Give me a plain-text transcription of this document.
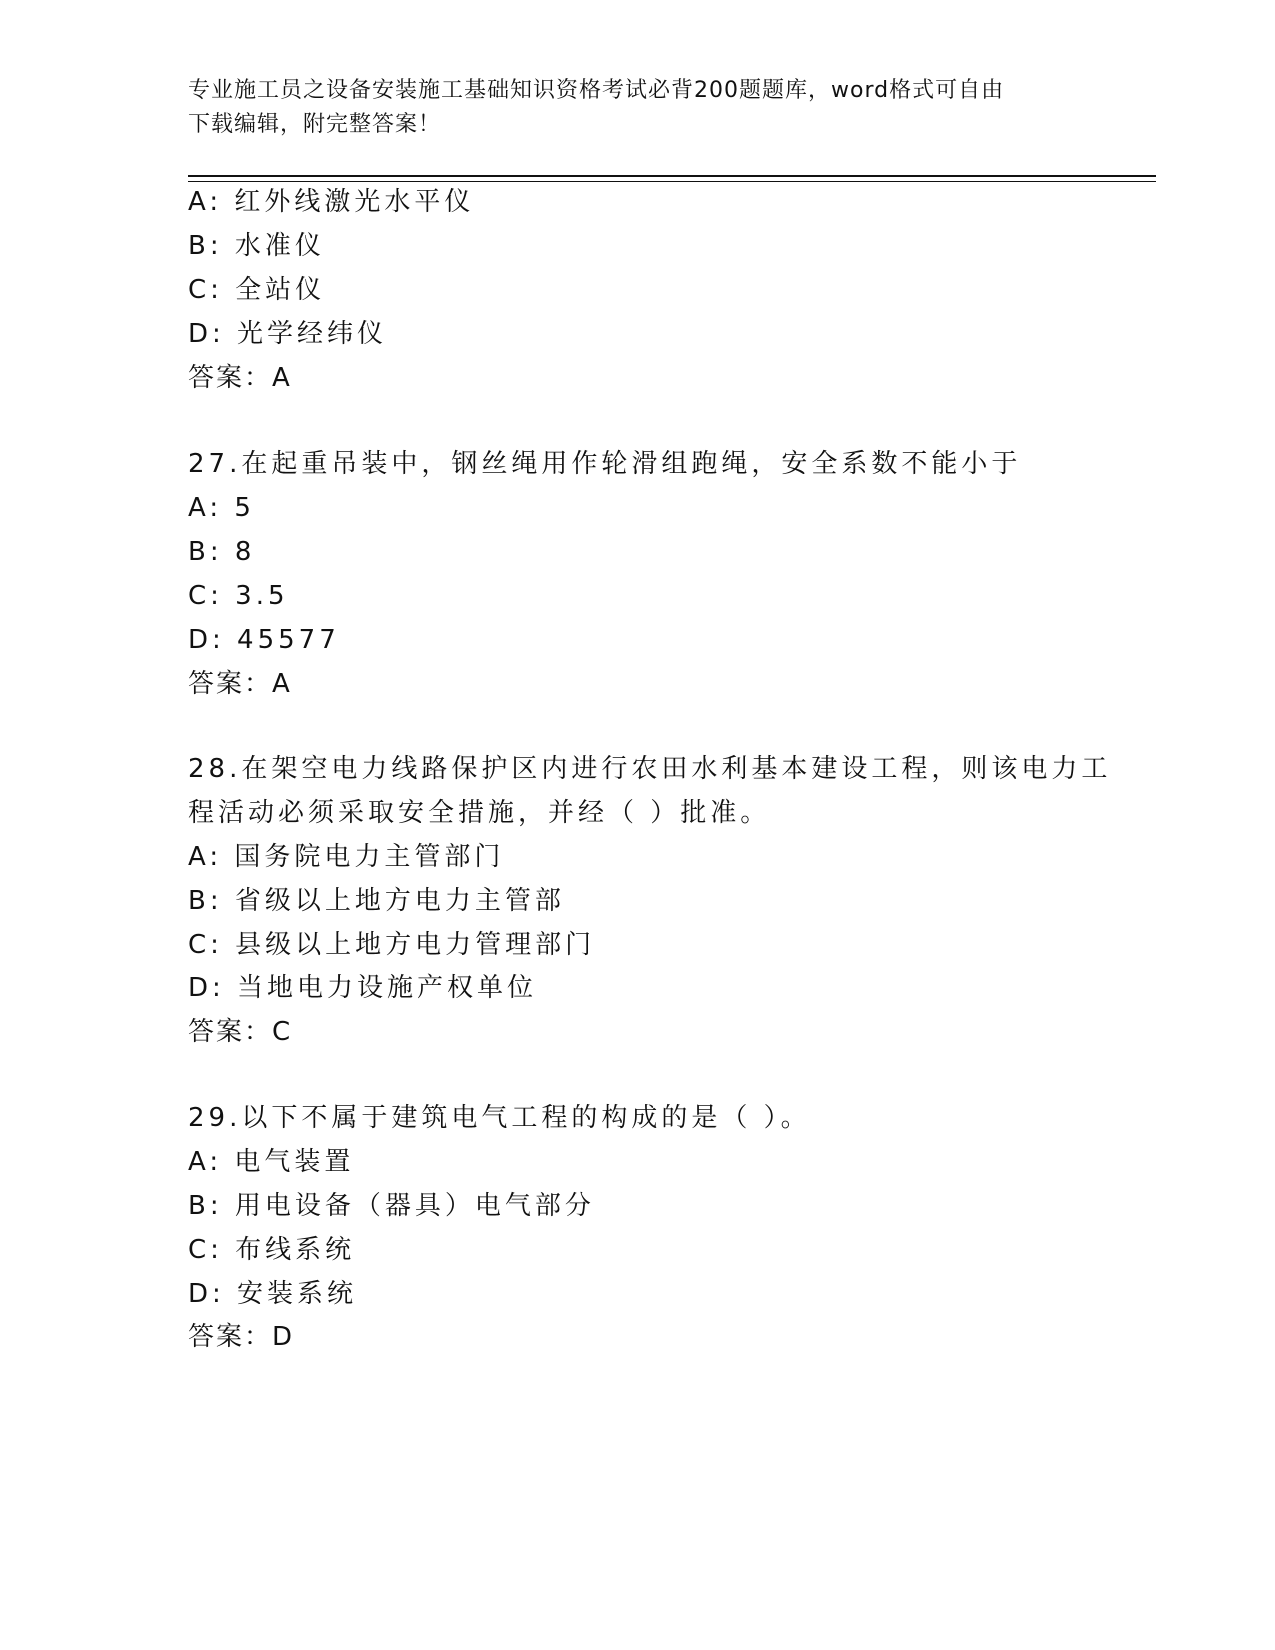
专业施工员之设备安装施工基础知识资格考试必背200题题库，word格式可自由
下载编辑，附完整答案！
A: 红外线激光水平仪
B: 水准仪
C: 全站仪
D: 光学经纬仪
答案：A
27.在起重吊装中，钢丝绳用作轮滑组跑绳，安全系数不能小于
A: 5
B: 8
C: 3.5
D: 45577
答案：A
28.在架空电力线路保护区内进行农田水利基本建设工程，则该电力工
程活动必须采取安全措施，并经（ ）批准。
A: 国务院电力主管部门
B: 省级以上地方电力主管部
C: 县级以上地方电力管理部门
D: 当地电力设施产权单位
答案：C
29.以下不属于建筑电气工程的构成的是（ ）。
A: 电气装置
B: 用电设备（器具）电气部分
C: 布线系统
D: 安装系统
答案：D
